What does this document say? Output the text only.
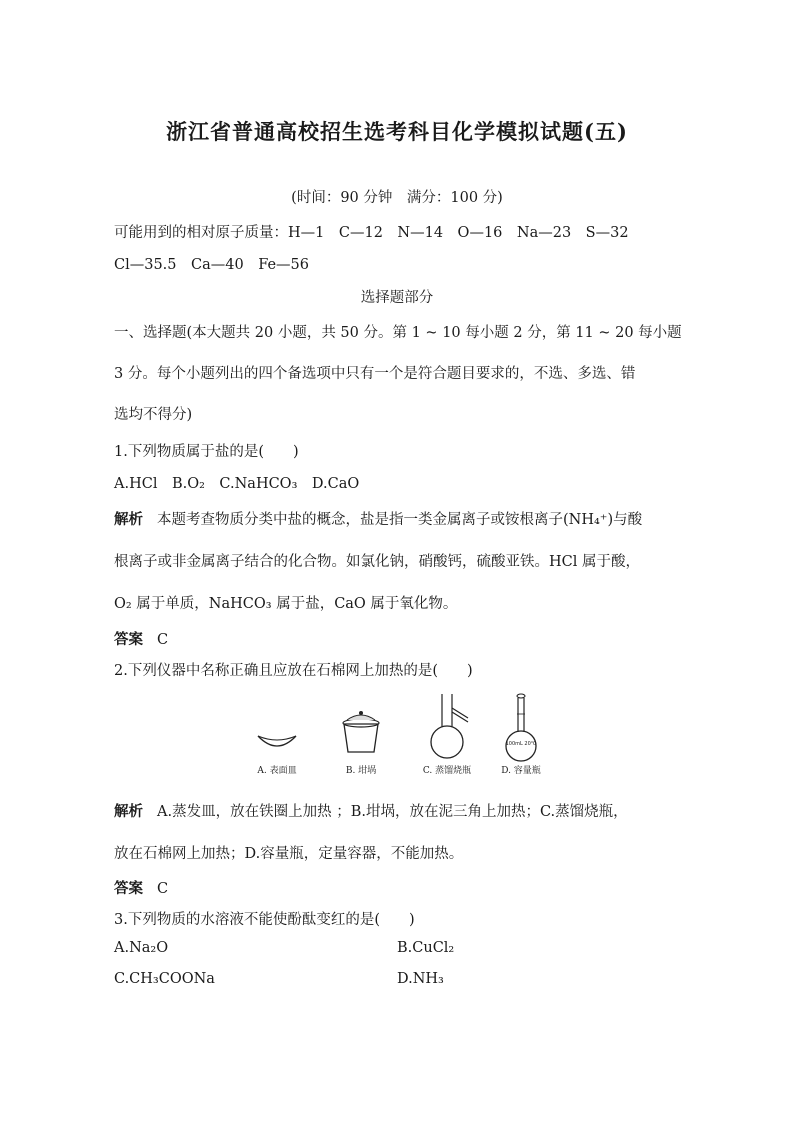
浙江省普通高校招生选考科目化学模拟试题(五)
(时间：90 分钟　满分：100 分)
可能用到的相对原子质量：H—1　C—12　N—14　O—16　Na—23　S—32
Cl—35.5　Ca—40　Fe—56
选择题部分
一、选择题(本大题共 20 小题，共 50 分。第 1 ~ 10 每小题 2 分，第 11 ~ 20 每小题
3 分。每个小题列出的四个备选项中只有一个是符合题目要求的，不选、多选、错
选均不得分)
1.下列物质属于盐的是(　　)
A.HCl　B.O₂　C.NaHCO₃　D.CaO
解析 本题考查物质分类中盐的概念，盐是指一类金属离子或铵根离子(NH₄⁺)与酸
根离子或非金属离子结合的化合物。如氯化钠，硝酸钙，硫酸亚铁。HCl 属于酸，
O₂ 属于单质，NaHCO₃ 属于盐，CaO 属于氧化物。
答案 C
2.下列仪器中名称正确且应放在石棉网上加热的是(　　)
100mL 20℃
A. 表面皿	B. 坩埚	C. 蒸馏烧瓶	D. 容量瓶
解析 A.蒸发皿，放在铁圈上加热 ；B.坩埚，放在泥三角上加热；C.蒸馏烧瓶，
放在石棉网上加热；D.容量瓶，定量容器，不能加热。
答案 C
3.下列物质的水溶液不能使酚酞变红的是(　　)
A.Na₂O	B.CuCl₂
C.CH₃COONa	D.NH₃
